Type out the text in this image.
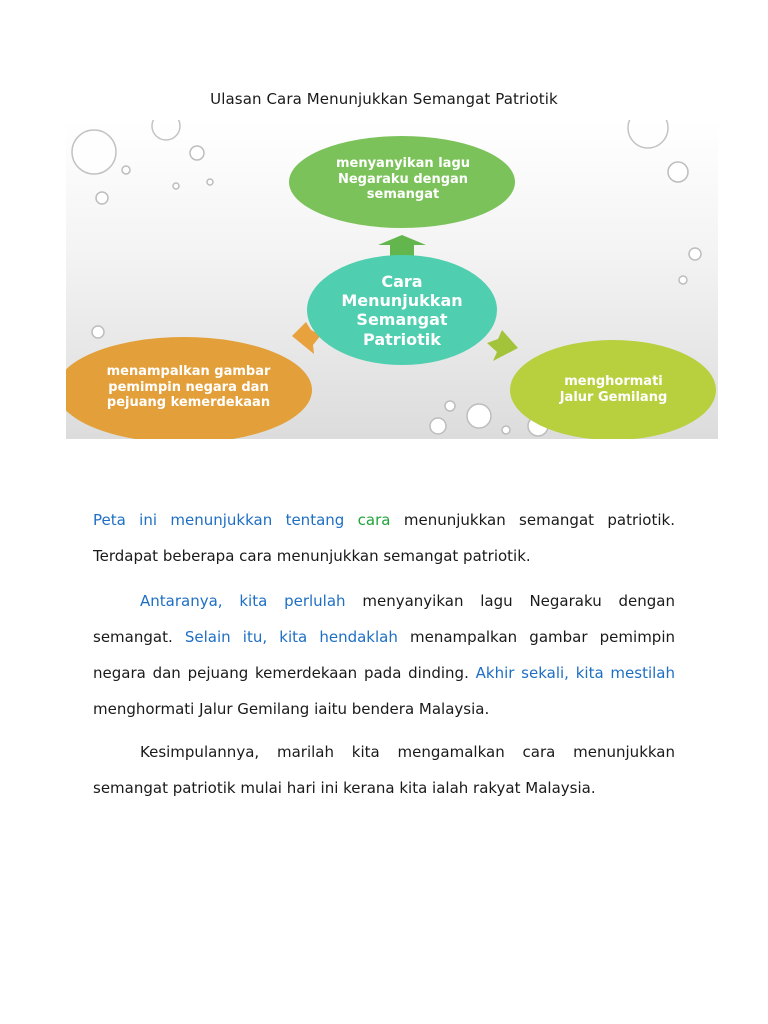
Ulasan Cara Menunjukkan Semangat Patriotik
menyanyikan lagu Negaraku dengan semangat
Cara Menunjukkan Semangat Patriotik
menampalkan gambar pemimpin negara dan pejuang kemerdekaan
menghormati Jalur Gemilang
Peta ini menunjukkan tentang cara menunjukkan semangat patriotik. Terdapat beberapa cara menunjukkan semangat patriotik.
Antaranya, kita perlulah menyanyikan lagu Negaraku dengan semangat. Selain itu, kita hendaklah menampalkan gambar pemimpin negara dan pejuang kemerdekaan pada dinding. Akhir sekali, kita mestilah menghormati Jalur Gemilang iaitu bendera Malaysia.
Kesimpulannya, marilah kita mengamalkan cara menunjukkan semangat patriotik mulai hari ini kerana kita ialah rakyat Malaysia.
